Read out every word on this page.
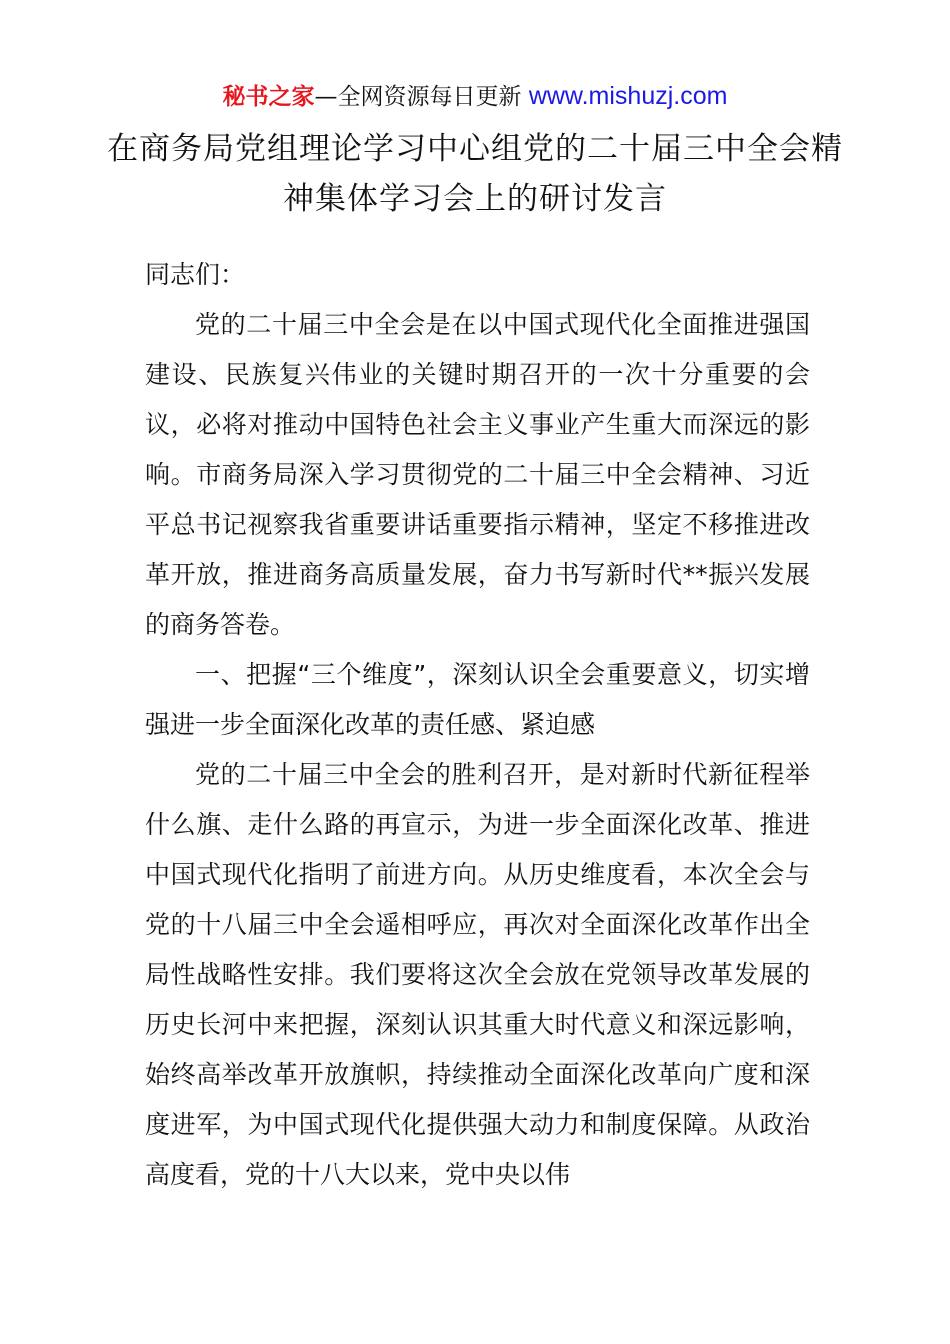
秘书之家—全网资源每日更新 www.mishuzj.com
在商务局党组理论学习中心组党的二十届三中全会精神集体学习会上的研讨发言

同志们：

党的二十届三中全会是在以中国式现代化全面推进强国建设、民族复兴伟业的关键时期召开的一次十分重要的会议，必将对推动中国特色社会主义事业产生重大而深远的影响。市商务局深入学习贯彻党的二十届三中全会精神、习近平总书记视察我省重要讲话重要指示精神，坚定不移推进改革开放，推进商务高质量发展，奋力书写新时代**振兴发展的商务答卷。

一、把握“三个维度”，深刻认识全会重要意义，切实增强进一步全面深化改革的责任感、紧迫感

党的二十届三中全会的胜利召开，是对新时代新征程举什么旗、走什么路的再宣示，为进一步全面深化改革、推进中国式现代化指明了前进方向。从历史维度看，本次全会与党的十八届三中全会遥相呼应，再次对全面深化改革作出全局性战略性安排。我们要将这次全会放在党领导改革发展的历史长河中来把握，深刻认识其重大时代意义和深远影响，始终高举改革开放旗帜，持续推动全面深化改革向广度和深度进军，为中国式现代化提供强大动力和制度保障。从政治高度看，党的十八大以来，党中央以伟
